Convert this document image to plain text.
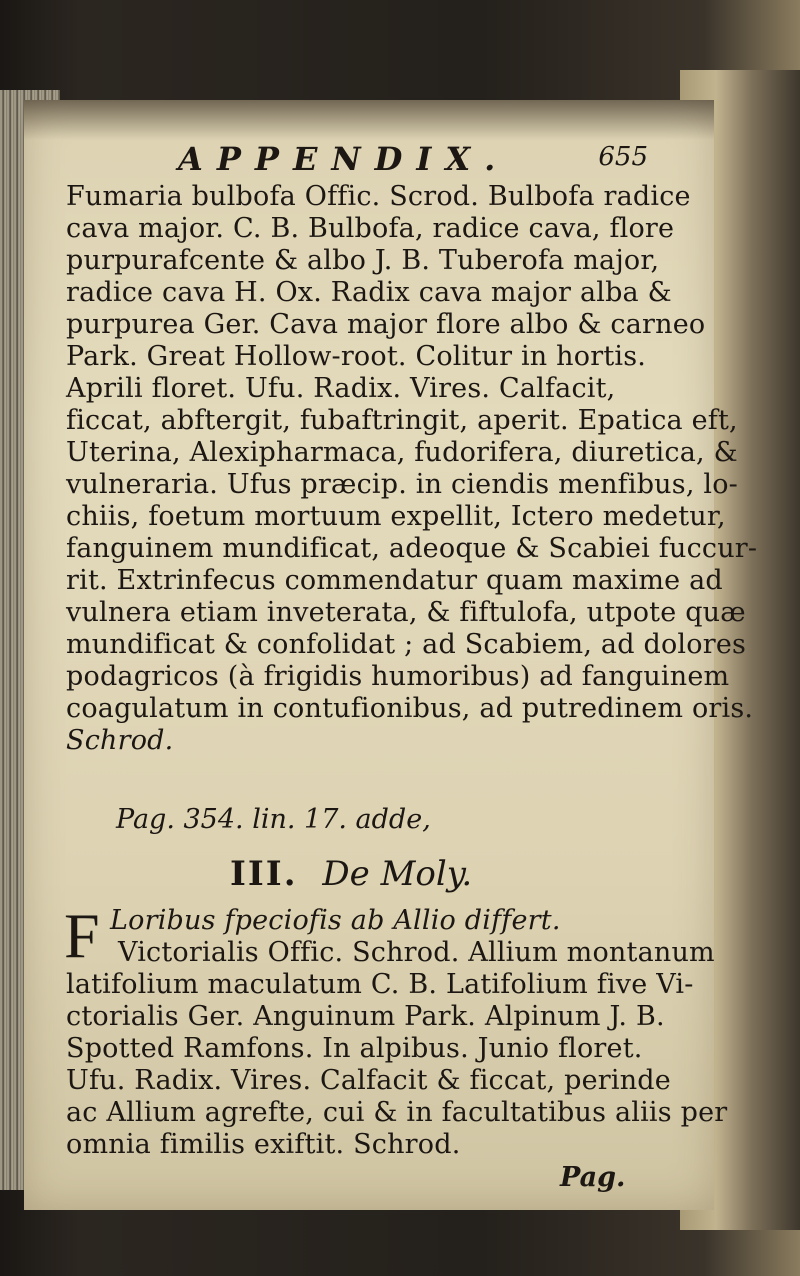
APPENDIX.	655
Fumaria bulbofa Offic. Scrod. Bulbofa radice
cava major. C. B. Bulbofa, radice cava, flore
purpurafcente & albo J. B. Tuberofa major,
radice cava H. Ox. Radix cava major alba &
purpurea Ger. Cava major flore albo & carneo
Park. Great Hollow-root. Colitur in hortis.
Aprili floret. Ufu. Radix. Vires. Calfacit,
ficcat, abftergit, fubaftringit, aperit. Epatica eft,
Uterina, Alexipharmaca, fudorifera, diuretica, &
vulneraria. Ufus præcip. in ciendis menfibus, lo-
chiis, foetum mortuum expellit, Ictero medetur,
fanguinem mundificat, adeoque & Scabiei fuccur-
rit. Extrinfecus commendatur quam maxime ad
vulnera etiam inveterata, & fiftulofa, utpote quæ
mundificat & confolidat ; ad Scabiem, ad dolores
podagricos (à frigidis humoribus) ad fanguinem
coagulatum in contufionibus, ad putredinem oris.
Schrod.
Pag. 354. lin. 17. adde,
III. De Moly.
F Loribus fpeciofis ab Allio differt.
Victorialis Offic. Schrod. Allium montanum
latifolium maculatum C. B. Latifolium five Vi-
ctorialis Ger. Anguinum Park. Alpinum J. B.
Spotted Ramfons. In alpibus. Junio floret.
Ufu. Radix. Vires. Calfacit & ficcat, perinde
ac Allium agrefte, cui & in facultatibus aliis per
omnia fimilis exiftit. Schrod.
Pag.
